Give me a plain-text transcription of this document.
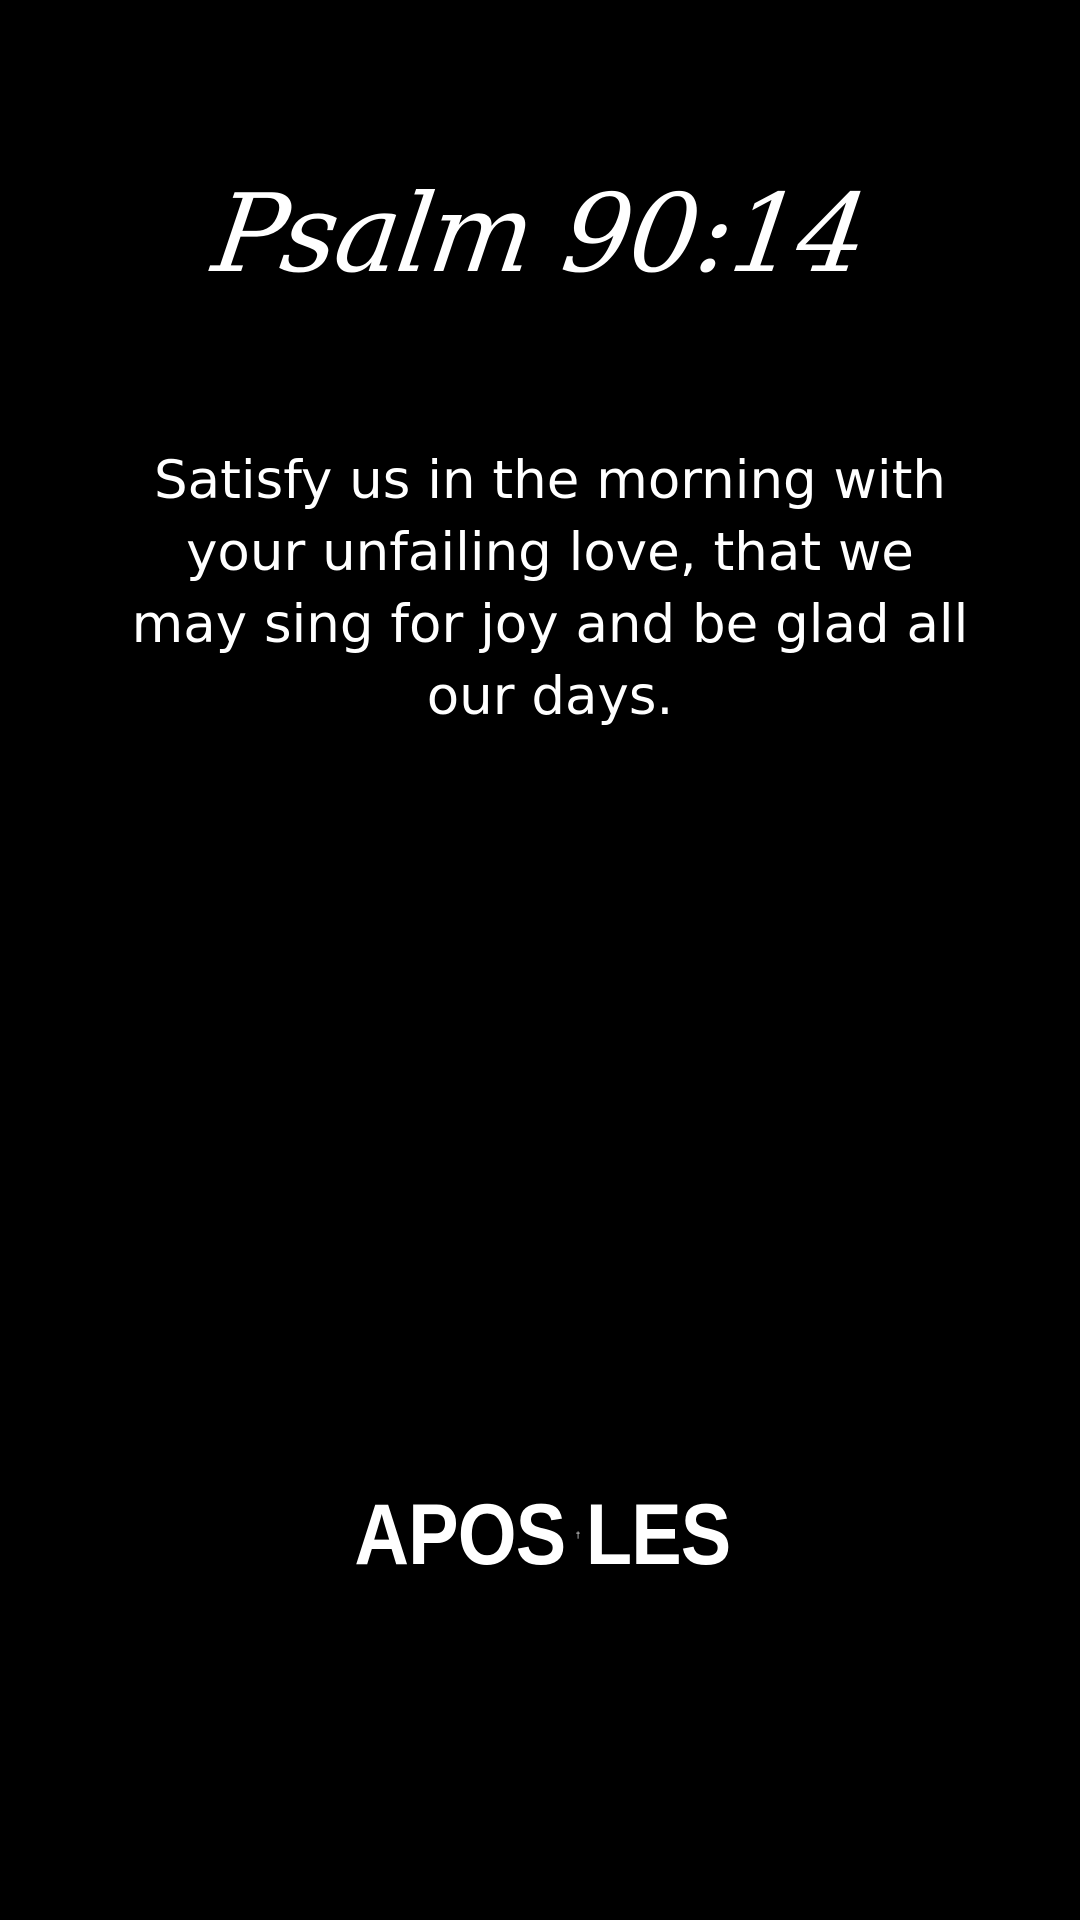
Psalm 90:14

Satisfy us in the morning with your unfailing love, that we may sing for joy and be glad all our days.

APOS LES
